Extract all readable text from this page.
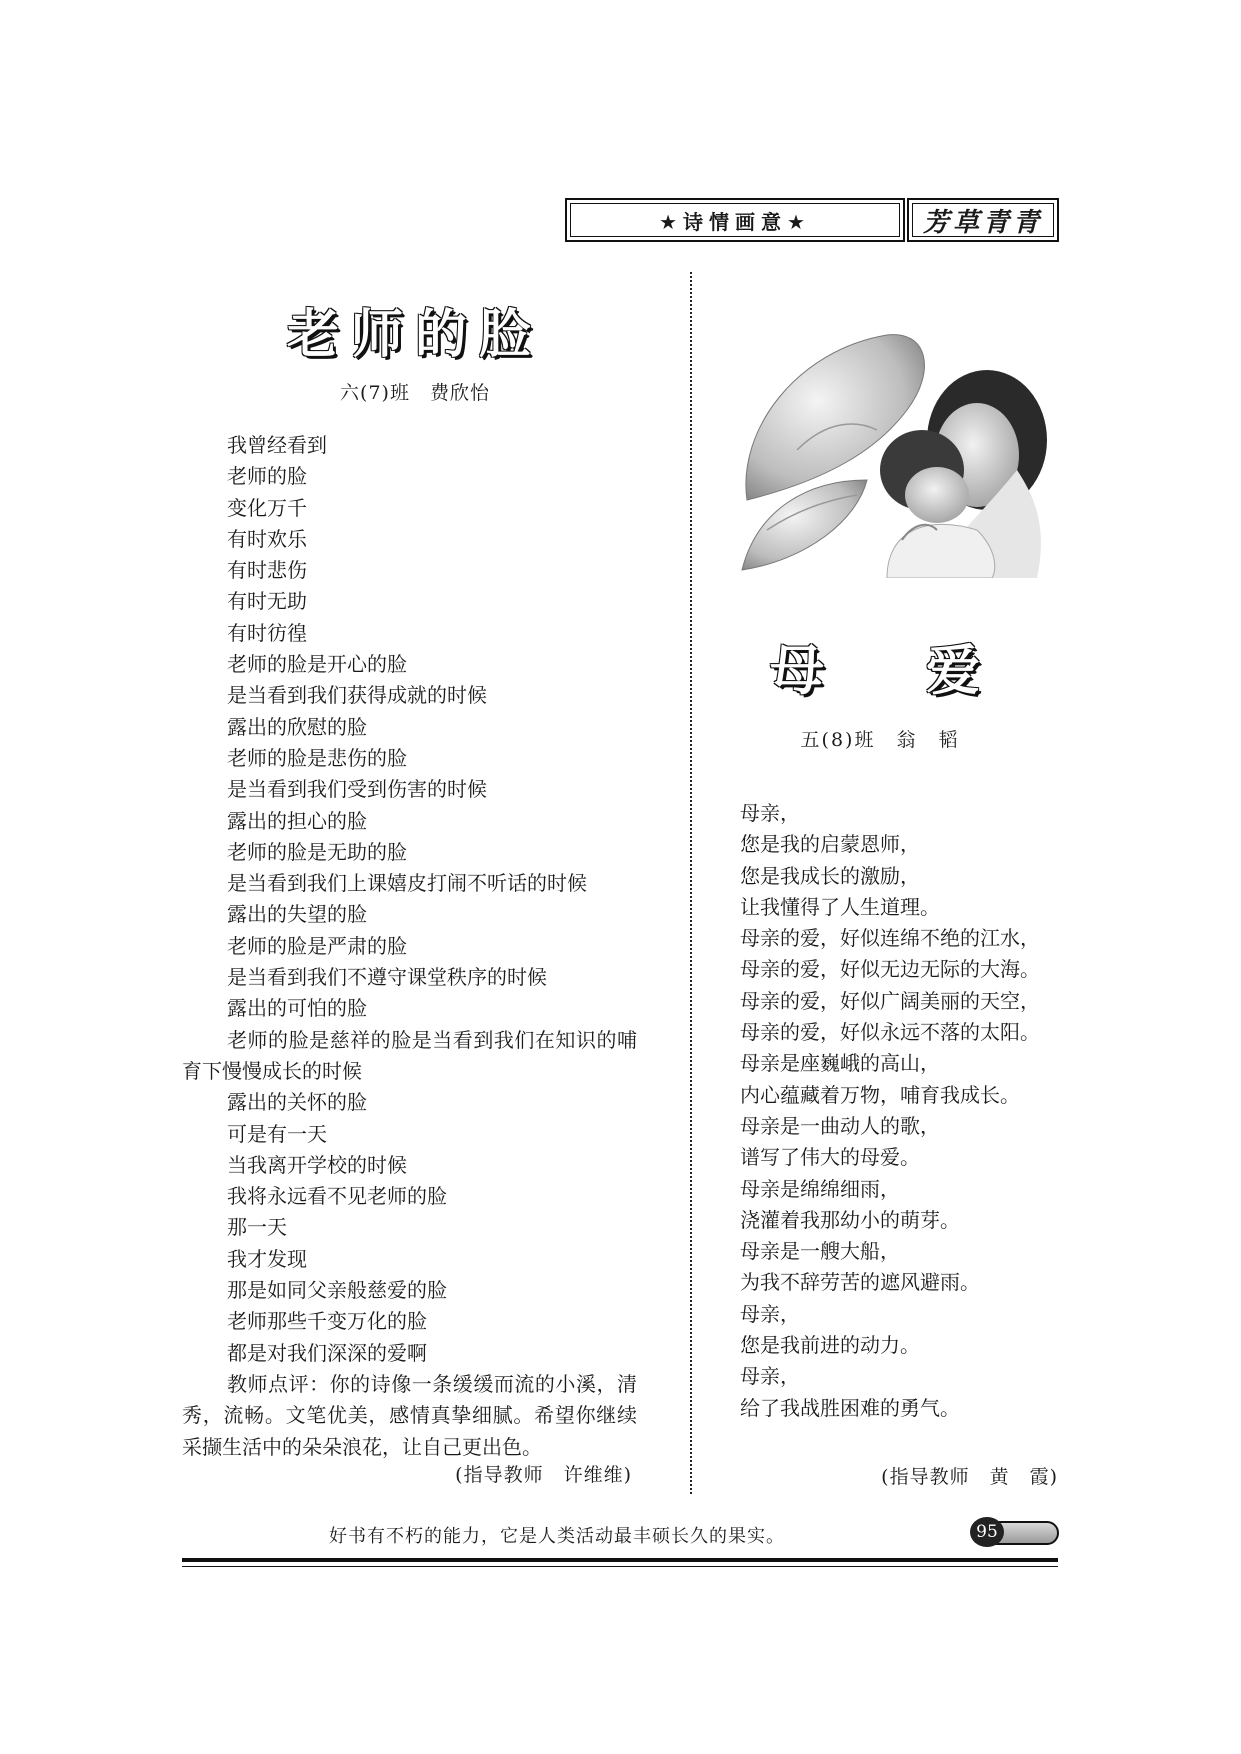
★诗情画意★	芳草青青
老师的脸
六(7)班　费欣怡
我曾经看到
老师的脸
变化万千
有时欢乐
有时悲伤
有时无助
有时彷徨
老师的脸是开心的脸
是当看到我们获得成就的时候
露出的欣慰的脸
老师的脸是悲伤的脸
是当看到我们受到伤害的时候
露出的担心的脸
老师的脸是无助的脸
是当看到我们上课嬉皮打闹不听话的时候
露出的失望的脸
老师的脸是严肃的脸
是当看到我们不遵守课堂秩序的时候
露出的可怕的脸
老师的脸是慈祥的脸是当看到我们在知识的哺育下慢慢成长的时候
露出的关怀的脸
可是有一天
当我离开学校的时候
我将永远看不见老师的脸
那一天
我才发现
那是如同父亲般慈爱的脸
老师那些千变万化的脸
都是对我们深深的爱啊
教师点评：你的诗像一条缓缓而流的小溪，清秀，流畅。文笔优美，感情真挚细腻。希望你继续采撷生活中的朵朵浪花，让自己更出色。
(指导教师　许维维)
母 爱
五(8)班　翁　韬
母亲，
您是我的启蒙恩师，
您是我成长的激励，
让我懂得了人生道理。
母亲的爱，好似连绵不绝的江水，
母亲的爱，好似无边无际的大海。
母亲的爱，好似广阔美丽的天空，
母亲的爱，好似永远不落的太阳。
母亲是座巍峨的高山，
内心蕴藏着万物，哺育我成长。
母亲是一曲动人的歌，
谱写了伟大的母爱。
母亲是绵绵细雨，
浇灌着我那幼小的萌芽。
母亲是一艘大船，
为我不辞劳苦的遮风避雨。
母亲，
您是我前进的动力。
母亲，
给了我战胜困难的勇气。
(指导教师　黄　霞)
好书有不朽的能力，它是人类活动最丰硕长久的果实。	95
